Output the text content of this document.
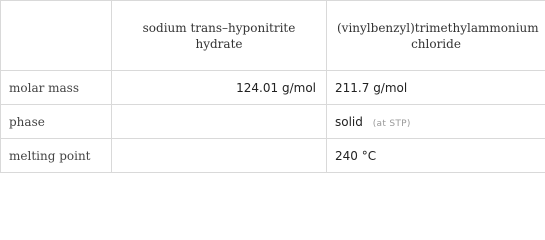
	sodium trans–hyponitrite hydrate	(vinylbenzyl)trimethylammonium chloride
molar mass	124.01 g/mol	211.7 g/mol
phase		solid (at STP)
melting point		240 °C
